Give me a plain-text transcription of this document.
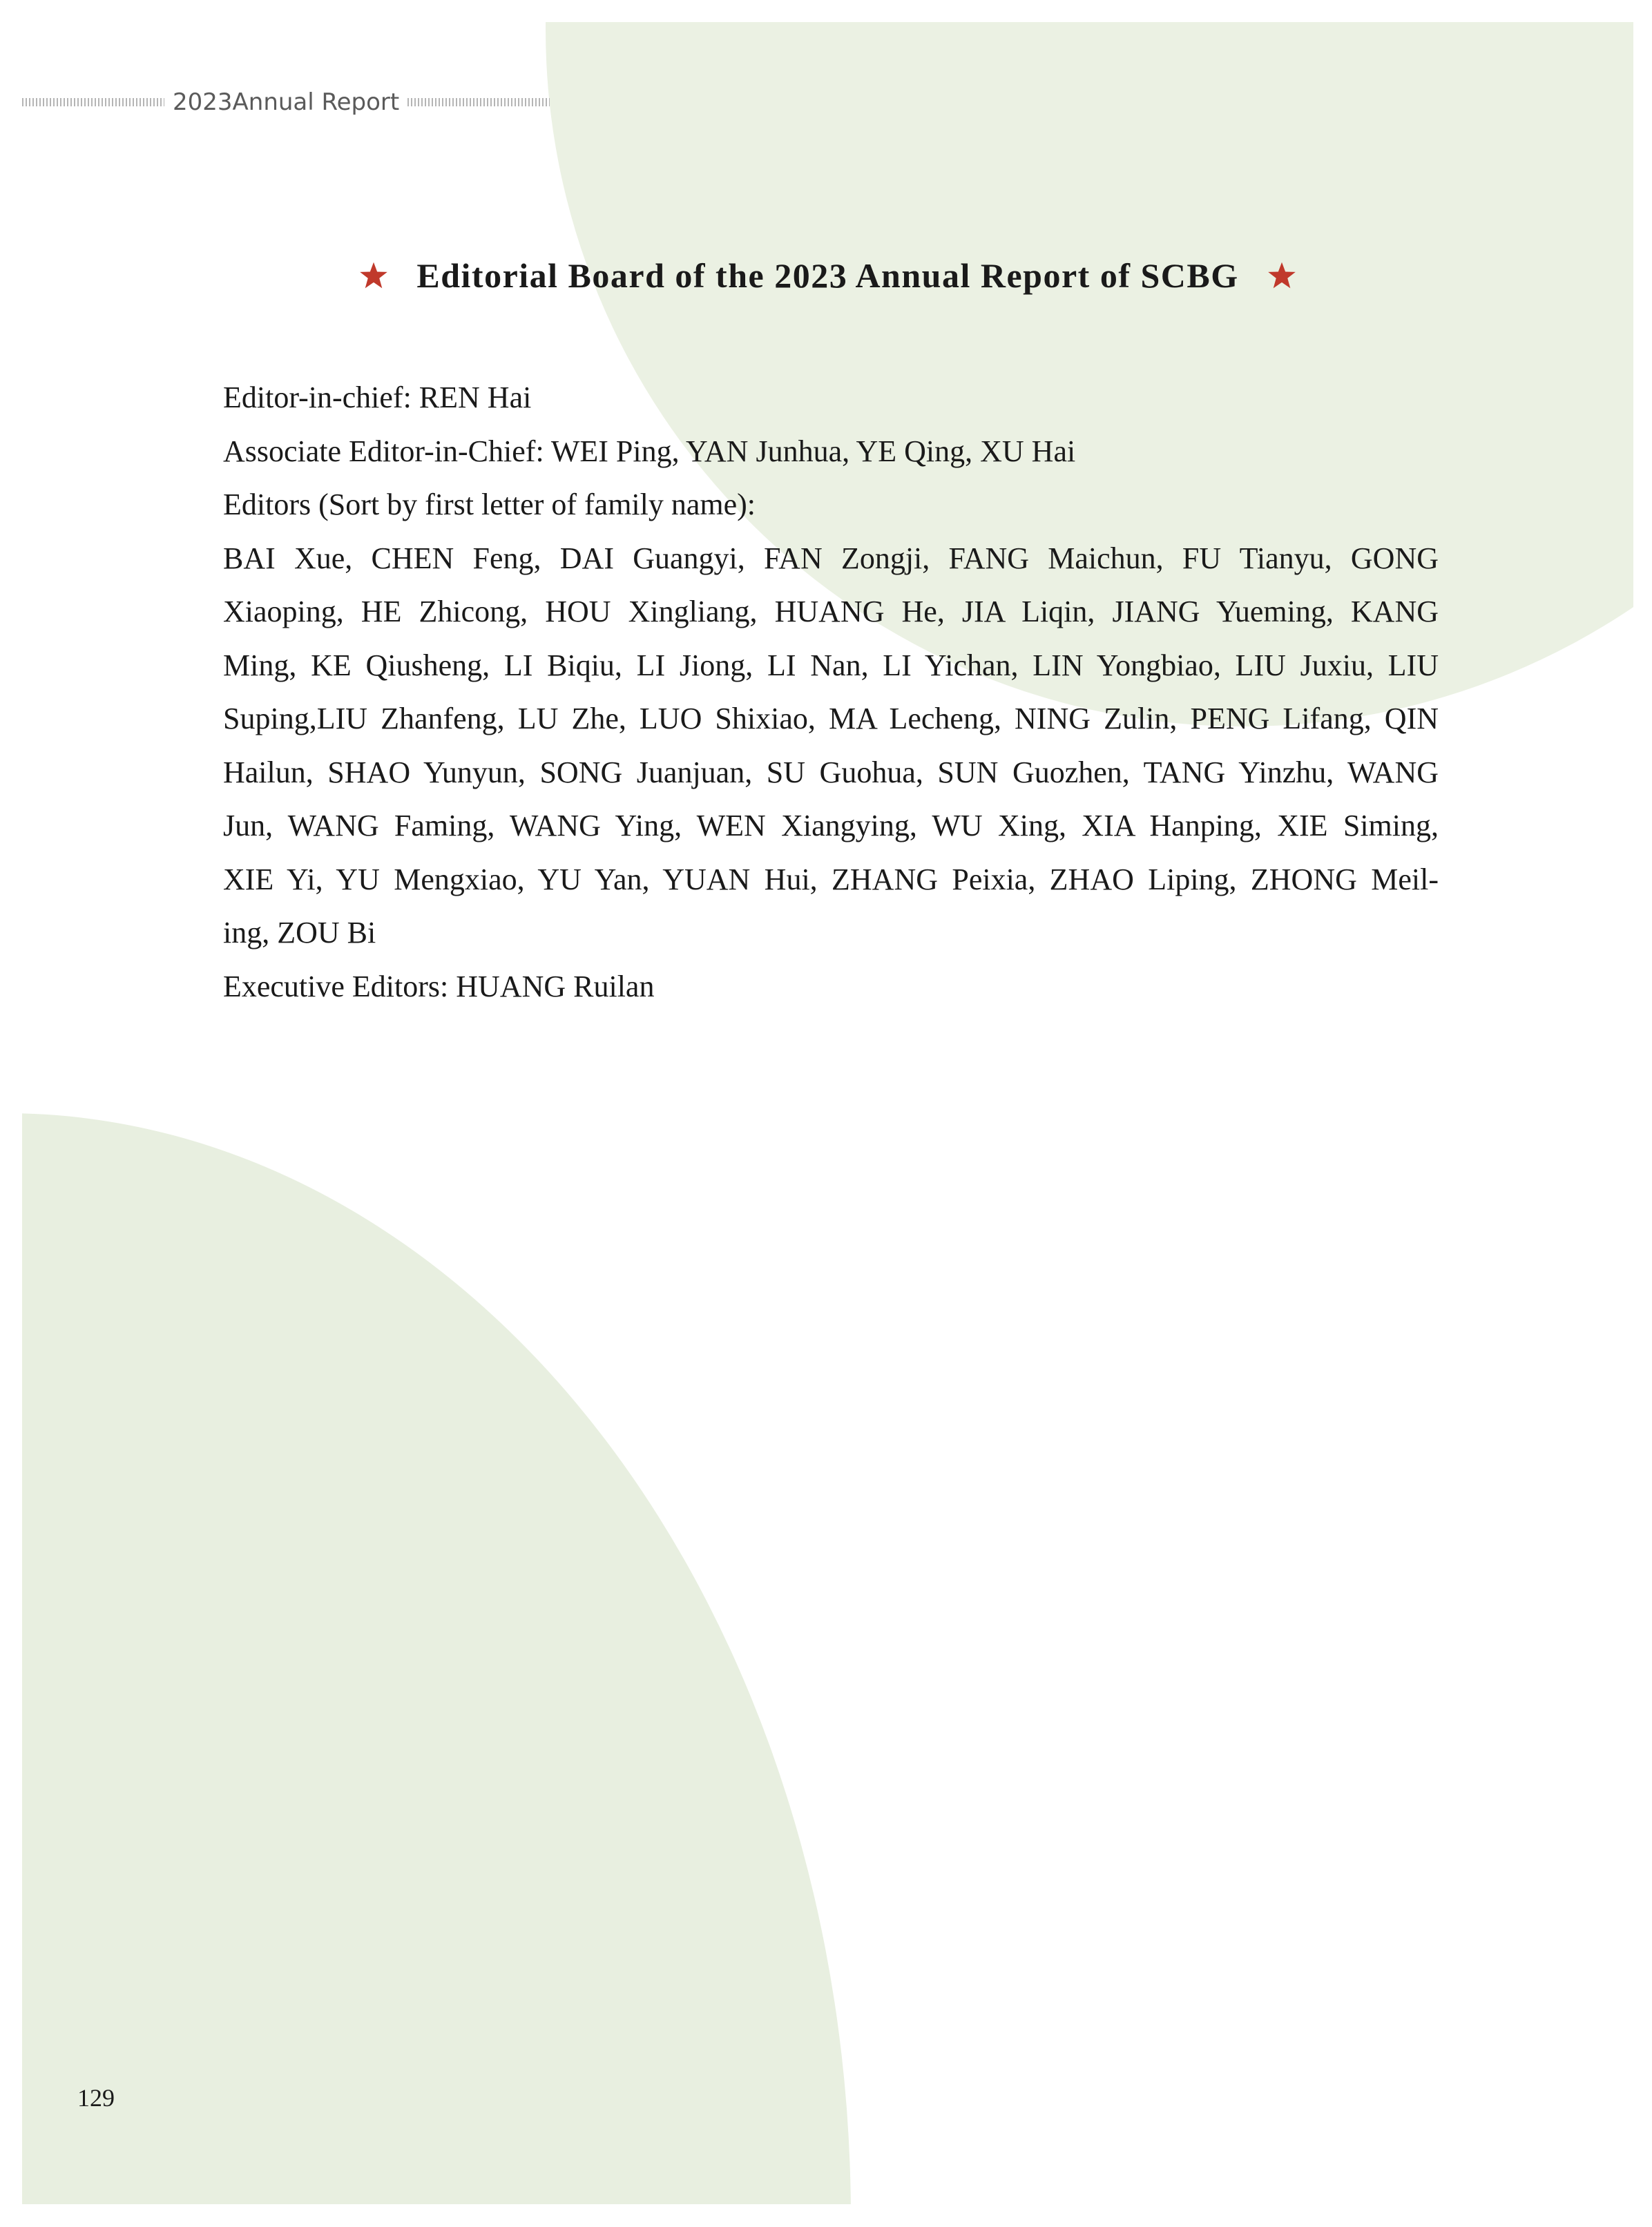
2023Annual Report
Editorial Board of the 2023 Annual Report of SCBG

Editor-in-chief: REN Hai

Associate Editor-in-Chief: WEI Ping, YAN Junhua, YE Qing, XU Hai

Editors (Sort by first letter of family name):

BAI Xue, CHEN Feng, DAI Guangyi, FAN Zongji, FANG Maichun, FU Tianyu, GONG

Xiaoping, HE Zhicong, HOU Xingliang, HUANG He, JIA Liqin, JIANG Yueming, KANG

Ming, KE Qiusheng, LI Biqiu, LI Jiong, LI Nan, LI Yichan, LIN Yongbiao, LIU Juxiu, LIU

Suping,LIU Zhanfeng, LU Zhe, LUO Shixiao, MA Lecheng, NING Zulin, PENG Lifang, QIN

Hailun, SHAO Yunyun, SONG Juanjuan, SU Guohua, SUN Guozhen, TANG Yinzhu, WANG

Jun, WANG Faming, WANG Ying, WEN Xiangying, WU Xing, XIA Hanping, XIE Siming,

XIE Yi, YU Mengxiao, YU Yan, YUAN Hui, ZHANG Peixia, ZHAO Liping, ZHONG Meil-

ing, ZOU Bi

Executive Editors: HUANG Ruilan

129
